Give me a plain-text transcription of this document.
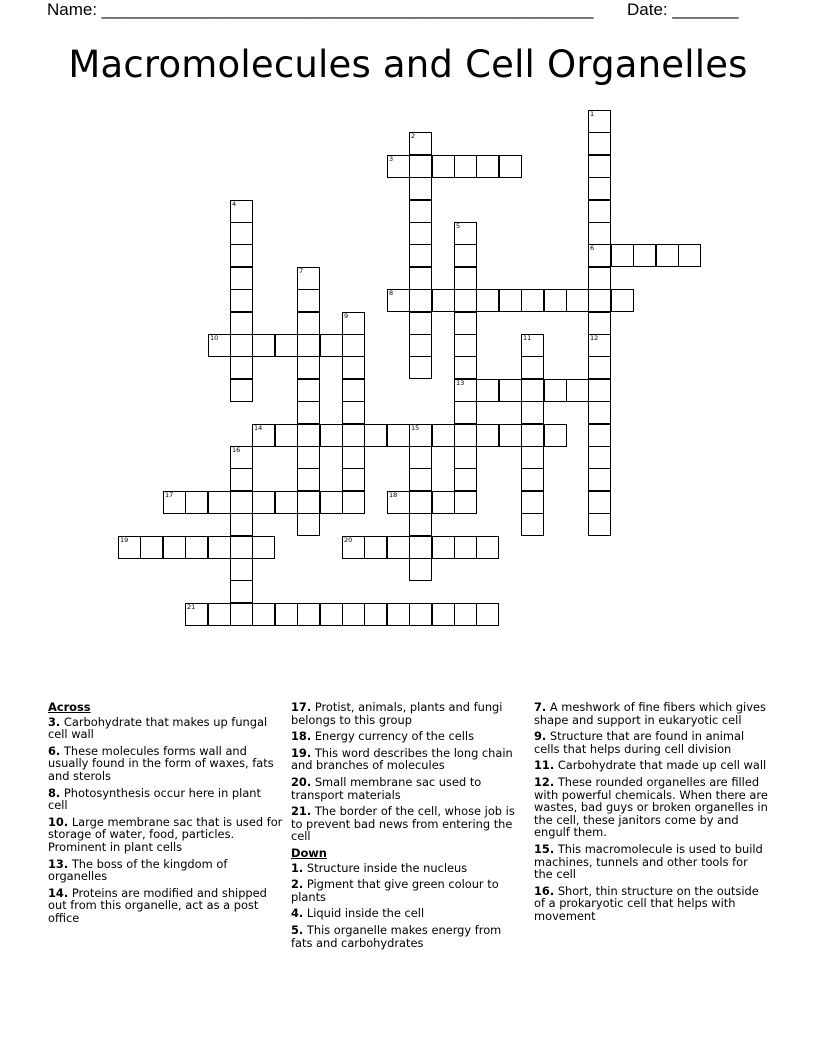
Name: ____________________________________________________ Date: _______
Macromolecules and Cell Organelles
1
6
2
3
4
5
13
7
8
9
10	11	12
14	15
16
17	18
19	20
21
Across
3. Carbohydrate that makes up fungal cell wall
6. These molecules forms wall and usually found in the form of waxes, fats and sterols
8. Photosynthesis occur here in plant cell
10. Large membrane sac that is used for storage of water, food, particles. Prominent in plant cells
13. The boss of the kingdom of organelles
14. Proteins are modified and shipped out from this organelle, act as a post office
17. Protist, animals, plants and fungi belongs to this group
18. Energy currency of the cells
19. This word describes the long chain and branches of molecules
20. Small membrane sac used to transport materials
21. The border of the cell, whose job is to prevent bad news from entering the cell
Down
1. Structure inside the nucleus
2. Pigment that give green colour to plants
4. Liquid inside the cell
5. This organelle makes energy from fats and carbohydrates
7. A meshwork of fine fibers which gives shape and support in eukaryotic cell
9. Structure that are found in animal cells that helps during cell division
11. Carbohydrate that made up cell wall
12. These rounded organelles are filled with powerful chemicals. When there are wastes, bad guys or broken organelles in the cell, these janitors come by and engulf them.
15. This macromolecule is used to build machines, tunnels and other tools for the cell
16. Short, thin structure on the outside of a prokaryotic cell that helps with movement
